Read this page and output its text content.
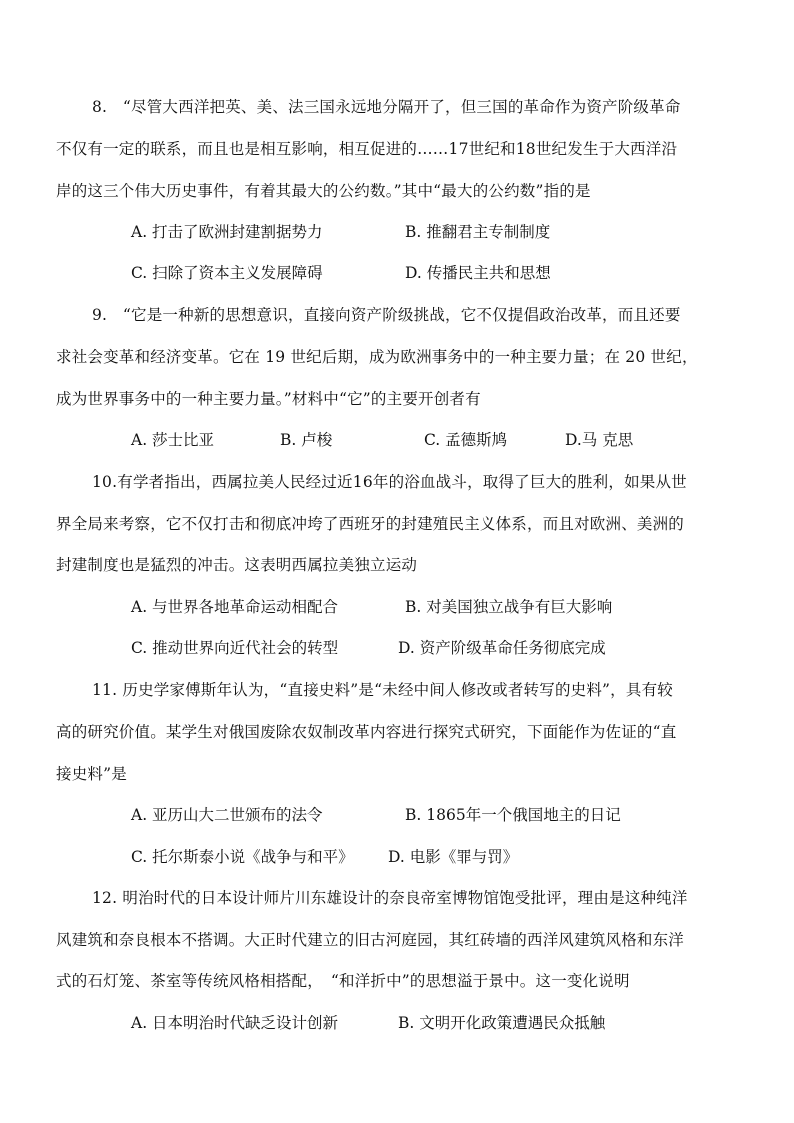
8.　“尽管大西洋把英、美、法三国永远地分隔开了，但三国的革命作为资产阶级革命
不仅有一定的联系，而且也是相互影响，相互促进的……17世纪和18世纪发生于大西洋沿
岸的这三个伟大历史事件，有着其最大的公约数。”其中“最大的公约数”指的是
A. 打击了欧洲封建割据势力	B. 推翻君主专制制度
C. 扫除了资本主义发展障碍	D. 传播民主共和思想
9.　“它是一种新的思想意识，直接向资产阶级挑战，它不仅提倡政治改革，而且还要
求社会变革和经济变革。它在 19 世纪后期，成为欧洲事务中的一种主要力量；在 20 世纪，
成为世界事务中的一种主要力量。”材料中“它”的主要开创者有
A. 莎士比亚	B. 卢梭	C. 孟德斯鸠	D.马 克思
10.有学者指出，西属拉美人民经过近16年的浴血战斗，取得了巨大的胜利，如果从世
界全局来考察，它不仅打击和彻底冲垮了西班牙的封建殖民主义体系，而且对欧洲、美洲的
封建制度也是猛烈的冲击。这表明西属拉美独立运动
A. 与世界各地革命运动相配合	B. 对美国独立战争有巨大影响
C. 推动世界向近代社会的转型	D. 资产阶级革命任务彻底完成
11. 历史学家傅斯年认为，“直接史料”是“未经中间人修改或者转写的史料”，具有较
高的研究价值。某学生对俄国废除农奴制改革内容进行探究式研究，下面能作为佐证的“直
接史料”是
A. 亚历山大二世颁布的法令	B. 1865年一个俄国地主的日记
C. 托尔斯泰小说《战争与和平》 D. 电影《罪与罚》
12. 明治时代的日本设计师片川东雄设计的奈良帝室博物馆饱受批评，理由是这种纯洋
风建筑和奈良根本不搭调。大正时代建立的旧古河庭园，其红砖墙的西洋风建筑风格和东洋
式的石灯笼、茶室等传统风格相搭配，　“和洋折中”的思想溢于景中。这一变化说明
A. 日本明治时代缺乏设计创新	B. 文明开化政策遭遇民众抵触
